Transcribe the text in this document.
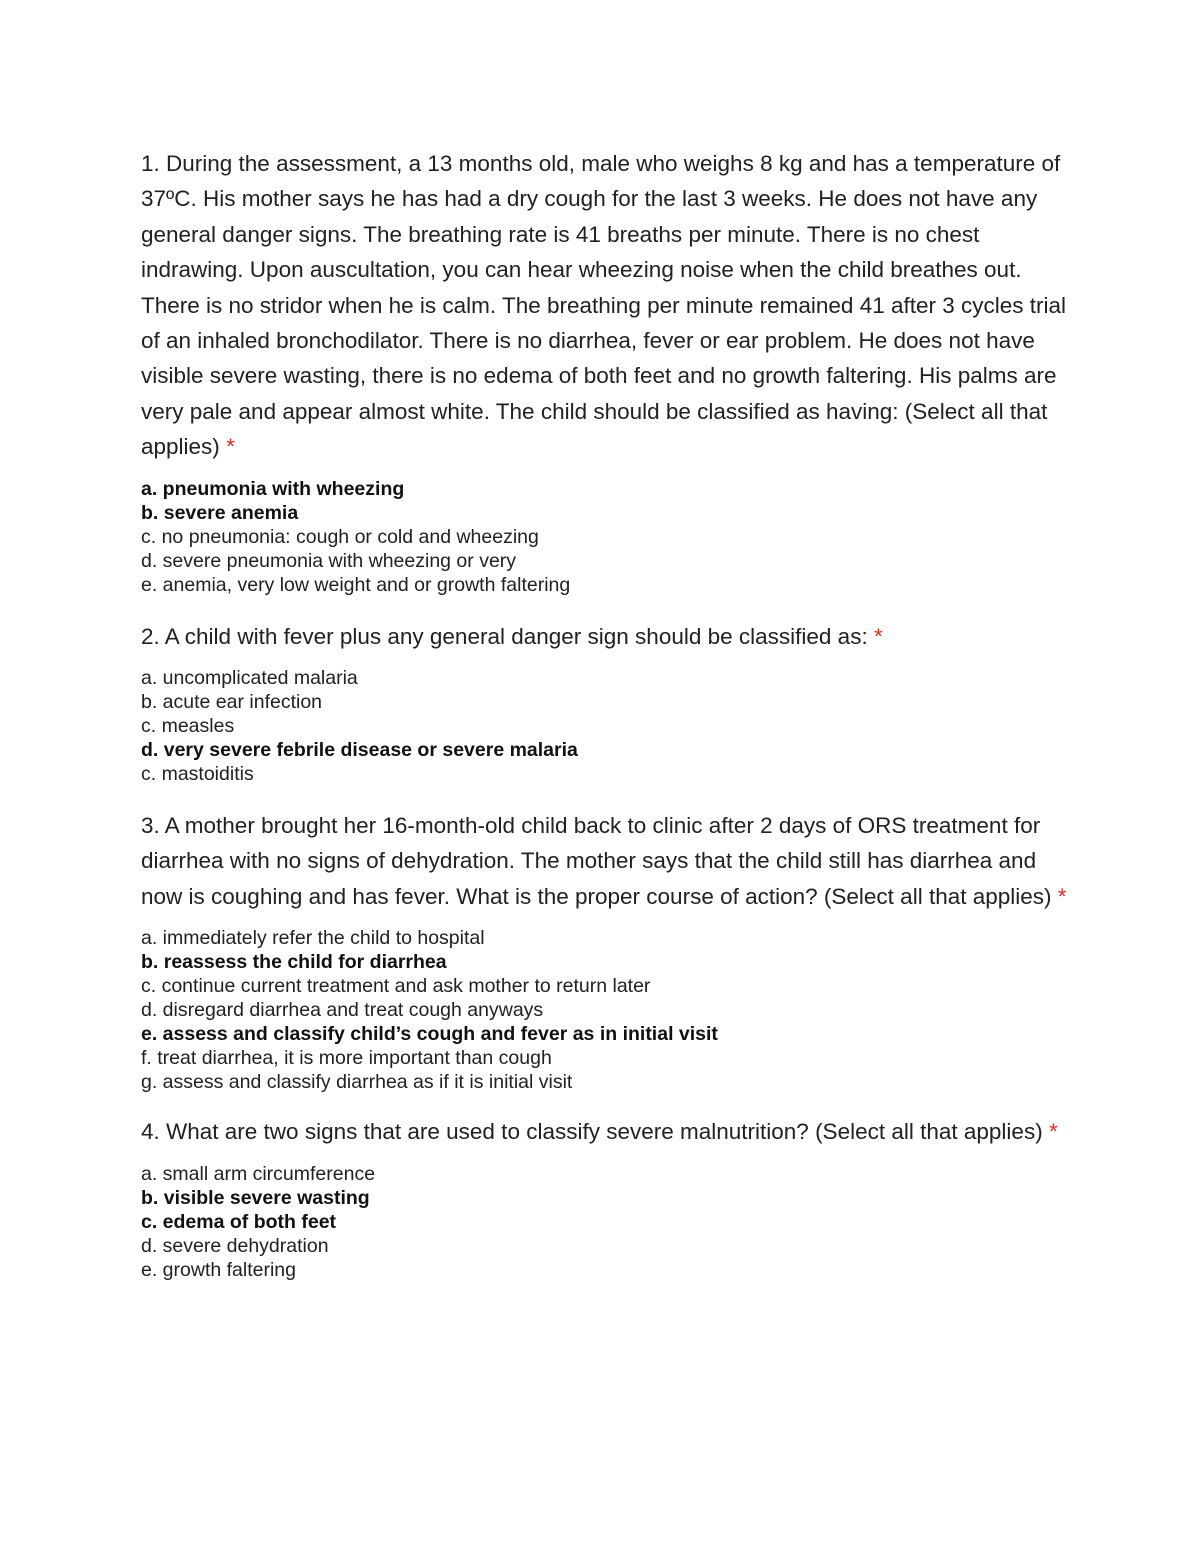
1. During the assessment, a 13 months old, male who weighs 8 kg and has a temperature of 37ºC. His mother says he has had a dry cough for the last 3 weeks. He does not have any general danger signs. The breathing rate is 41 breaths per minute. There is no chest indrawing. Upon auscultation, you can hear wheezing noise when the child breathes out. There is no stridor when he is calm. The breathing per minute remained 41 after 3 cycles trial of an inhaled bronchodilator. There is no diarrhea, fever or ear problem. He does not have visible severe wasting, there is no edema of both feet and no growth faltering. His palms are very pale and appear almost white. The child should be classified as having: (Select all that applies) *

a. pneumonia with wheezing
b. severe anemia
c. no pneumonia: cough or cold and wheezing
d. severe pneumonia with wheezing or very
e. anemia, very low weight and or growth faltering

2. A child with fever plus any general danger sign should be classified as: *

a. uncomplicated malaria
b. acute ear infection
c. measles
d. very severe febrile disease or severe malaria
c. mastoiditis

3. A mother brought her 16-month-old child back to clinic after 2 days of ORS treatment for diarrhea with no signs of dehydration. The mother says that the child still has diarrhea and now is coughing and has fever. What is the proper course of action? (Select all that applies) *

a. immediately refer the child to hospital
b. reassess the child for diarrhea
c. continue current treatment and ask mother to return later
d. disregard diarrhea and treat cough anyways
e. assess and classify child’s cough and fever as in initial visit
f. treat diarrhea, it is more important than cough
g. assess and classify diarrhea as if it is initial visit

4. What are two signs that are used to classify severe malnutrition? (Select all that applies) *

a. small arm circumference
b. visible severe wasting
c. edema of both feet
d. severe dehydration
e. growth faltering
